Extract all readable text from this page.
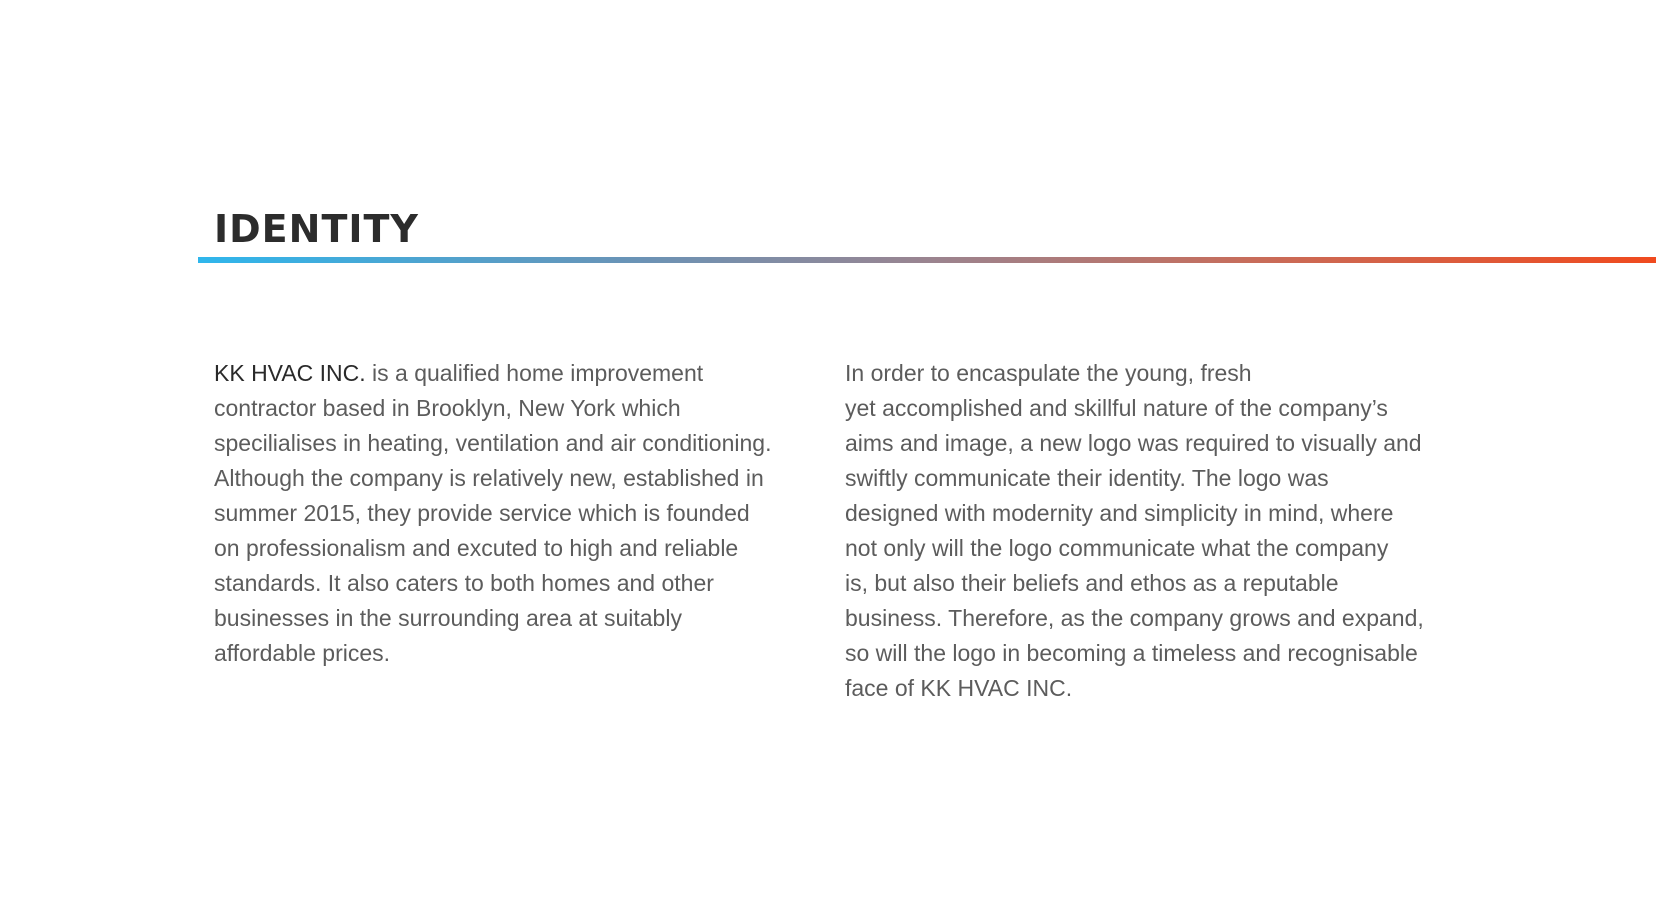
IDENTITY

KK HVAC INC. is a qualified home improvement
contractor based in Brooklyn, New York which
specilialises in heating, ventilation and air conditioning.
Although the company is relatively new, established in
summer 2015, they provide service which is founded
on professionalism and excuted to high and reliable
standards. It also caters to both homes and other
businesses in the surrounding area at suitably
affordable prices.

In order to encaspulate the young, fresh
yet accomplished and skillful nature of the company’s
aims and image, a new logo was required to visually and
swiftly communicate their identity. The logo was
designed with modernity and simplicity in mind, where
not only will the logo communicate what the company
is, but also their beliefs and ethos as a reputable
business. Therefore, as the company grows and expand,
so will the logo in becoming a timeless and recognisable
face of KK HVAC INC.
